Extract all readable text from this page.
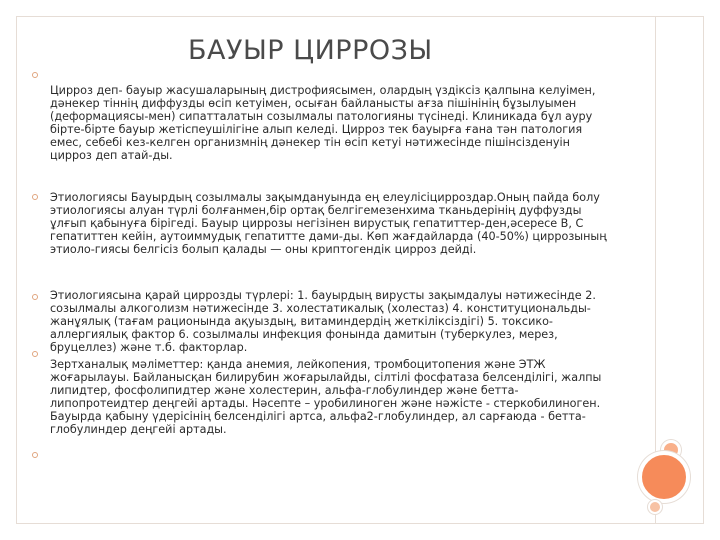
БАУЫР ЦИРРОЗЫ

Цирроз деп- бауыр жасушаларының дистрофиясымен, олардың үздіксіз қалпына келуімен, дәнекер тіннің диффузды өсіп кетуімен, осыған байланысты ағза пішінінің бұзылуымен (деформациясы-мен) сипатталатын созылмалы патологияны түсінеді. Клиникада бұл ауру бірте-бірте бауыр жетіспеушілігіне алып келеді. Цирроз тек бауырға ғана тән патология емес, себебі кез-келген организмнің дәнекер тін өсіп кетуі нәтижесінде пішінсізденуін цирроз деп атай-ды.

Этиологиясы Бауырдың созылмалы зақымдануында ең елеулісіцирроздар.Оның пайда болу этиологиясы алуан түрлі болғанмен,бір ортақ белгігемезенхима тканьдерінің дуффузды ұлғып қабынуға бірігеді. Бауыр циррозы негізінен вирустық гепатиттер-ден,әсересе В, С гепатиттен кейін, аутоиммудық гепатитте дами-ды. Көп жағдайларда (40-50%) циррозының этиоло-гиясы белгісіз болып қалады — оны криптогендік цирроз дейді.

Этиологиясына қарай циррозды түрлері: 1. бауырдың вирусты зақымдалуы нәтижесінде 2. созылмалы алкоголизм нәтижесінде 3. холестатикалық (холестаз) 4. конституциональды-жанұялық (тағам рационында ақуыздың, витаминдердің жеткіліксіздігі) 5. токсико-аллергиялық фактор 6. созылмалы инфекция фонында дамитын (туберкулез, мерез, бруцеллез) және т.б. факторлар.

Зертханалық мәліметтер: қанда анемия, лейкопения, тромбоцитопения және ЭТЖ жоғарылауы. Байланысқан билирубин жоғарылайды, сілтілі фосфатаза белсенділігі, жалпы липидтер, фосфолипидтер және холестерин, альфа-глобулиндер және бетта-липопротеидтер деңгейі артады. Нәсепте – уробилиноген және нәжісте - стеркобилиноген. Бауырда қабыну үдерісінің белсенділігі артса, альфа2-глобулиндер, ал сарғаюда - бетта-глобулиндер деңгейі артады.
